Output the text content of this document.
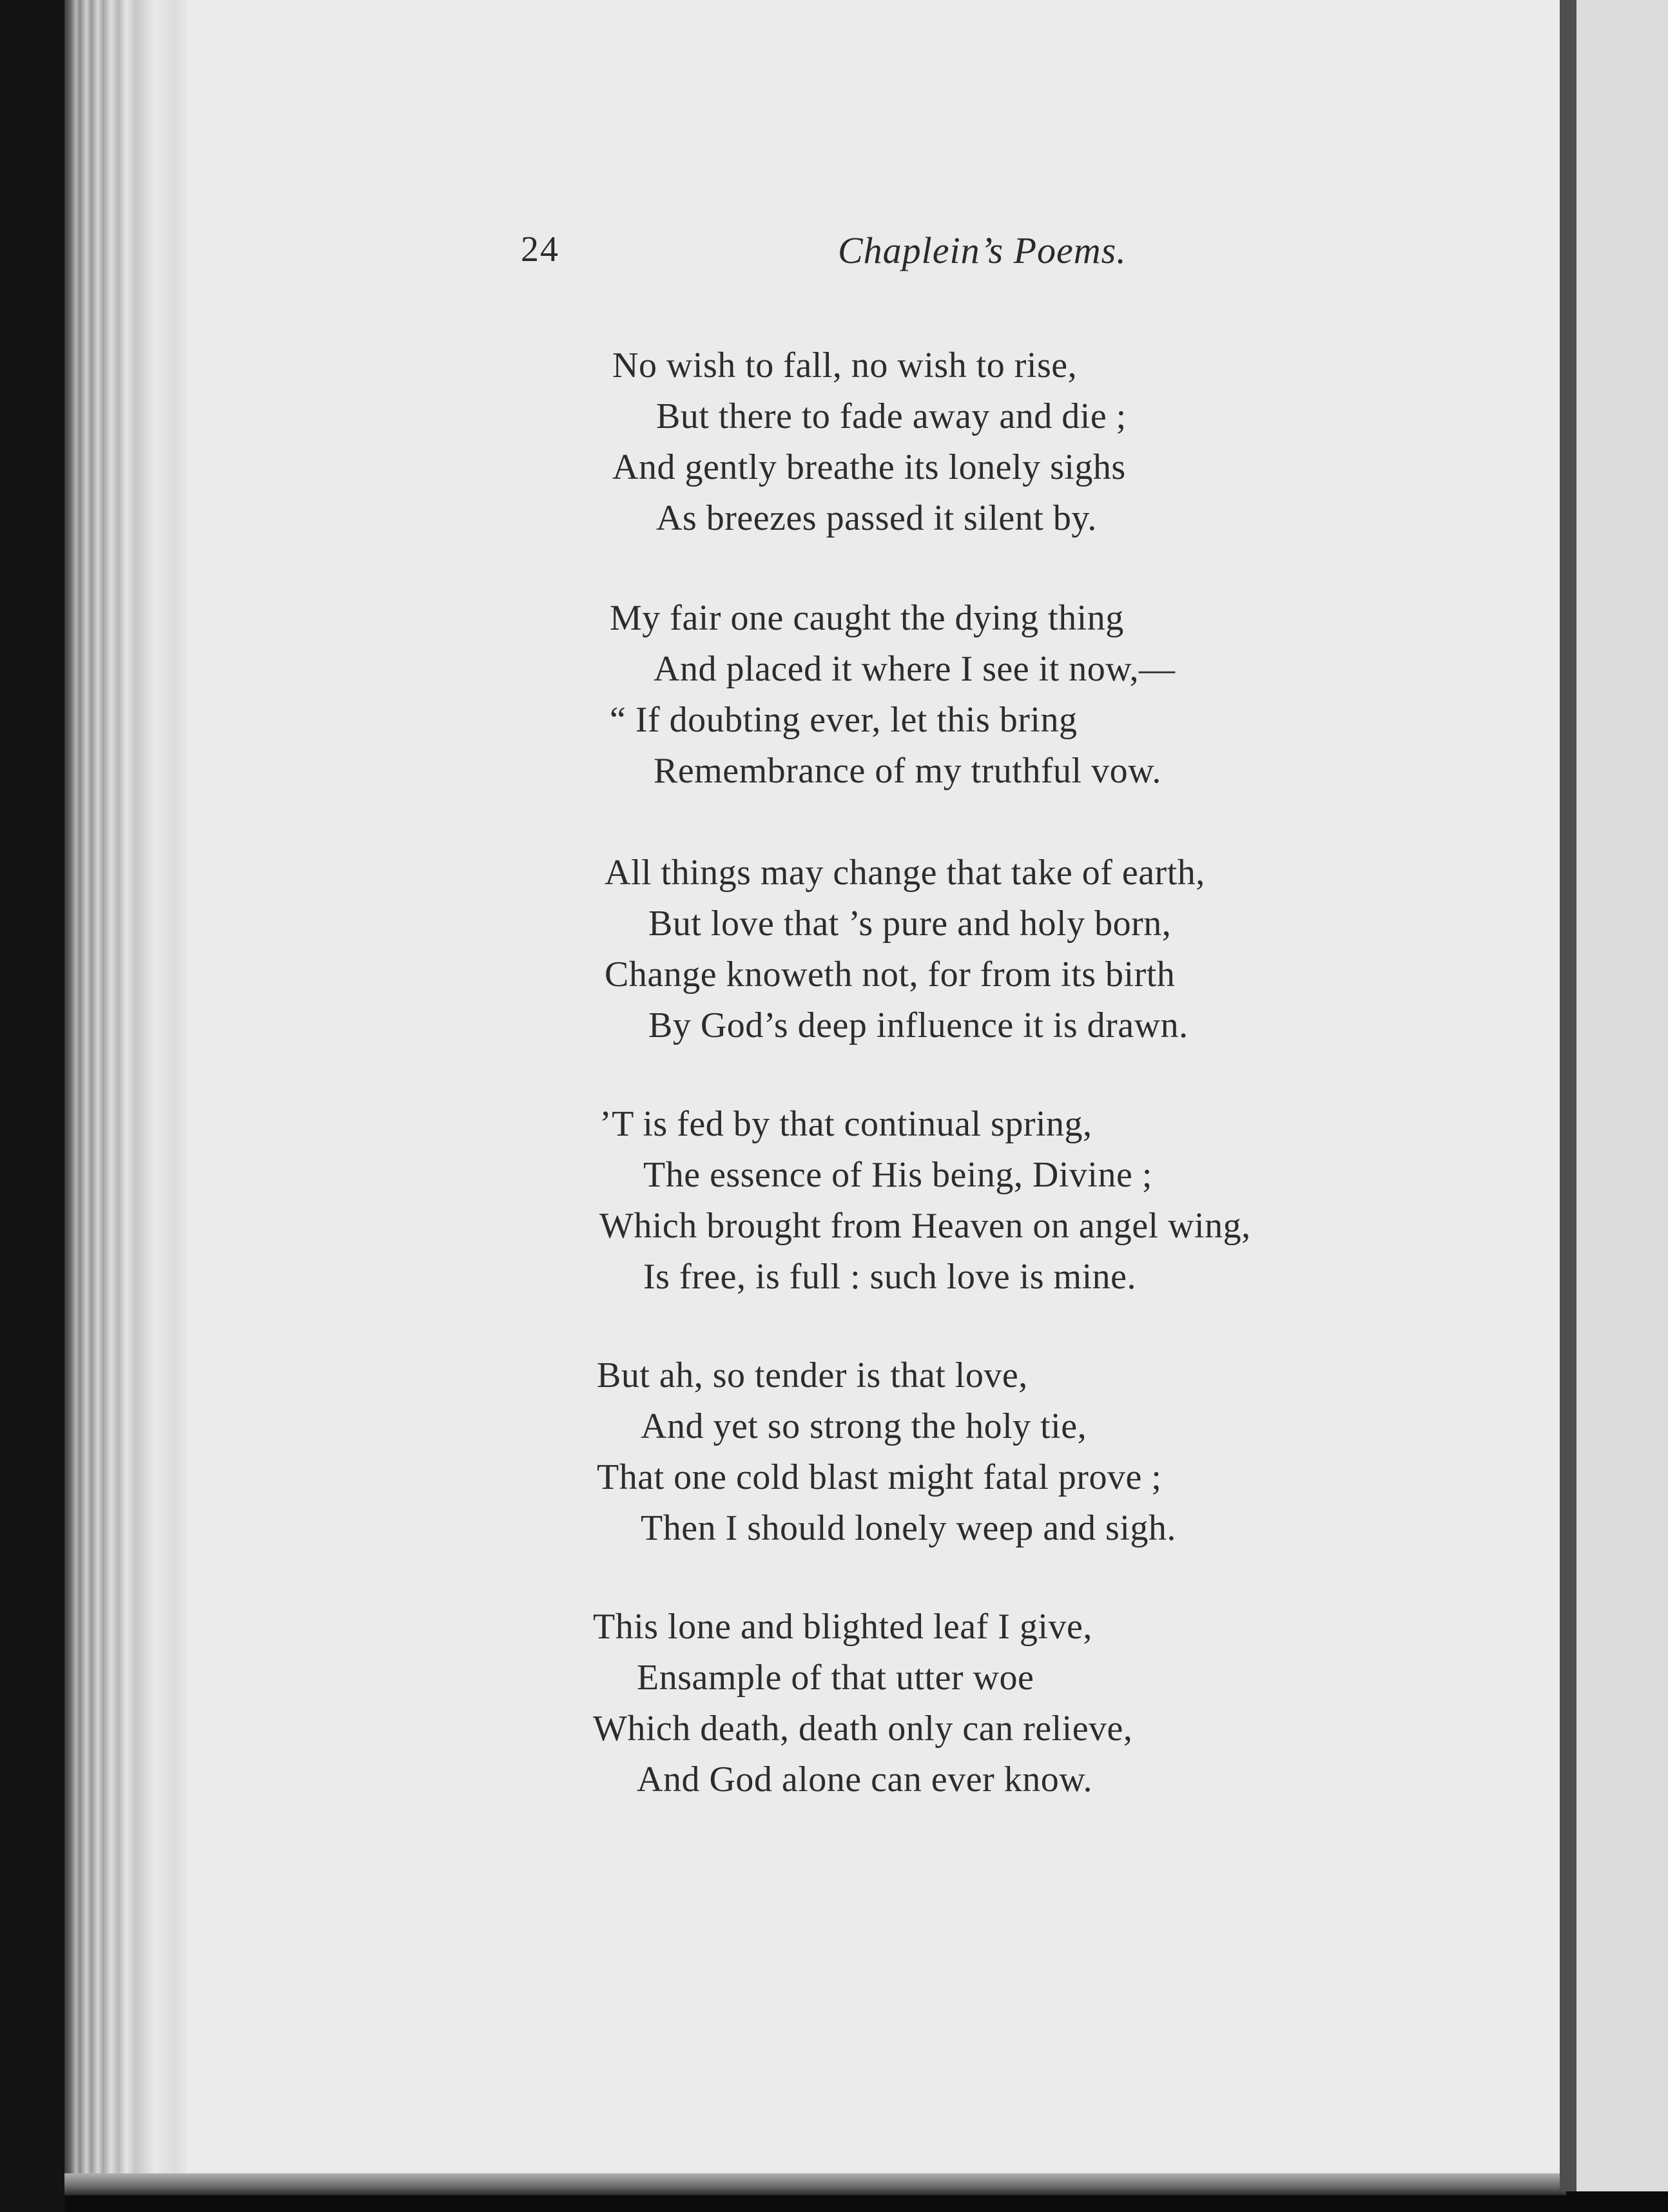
24	Chaplein’s Poems.
No wish to fall, no wish to rise,
But there to fade away and die ;
And gently breathe its lonely sighs
As breezes passed it silent by.
My fair one caught the dying thing
And placed it where I see it now,—
“ If doubting ever, let this bring
Remembrance of my truthful vow.
All things may change that take of earth,
But love that ’s pure and holy born,
Change knoweth not, for from its birth
By God’s deep influence it is drawn.
’T is fed by that continual spring,
The essence of His being, Divine ;
Which brought from Heaven on angel wing,
Is free, is full : such love is mine.
But ah, so tender is that love,
And yet so strong the holy tie,
That one cold blast might fatal prove ;
Then I should lonely weep and sigh.
This lone and blighted leaf I give,
Ensample of that utter woe
Which death, death only can relieve,
And God alone can ever know.
